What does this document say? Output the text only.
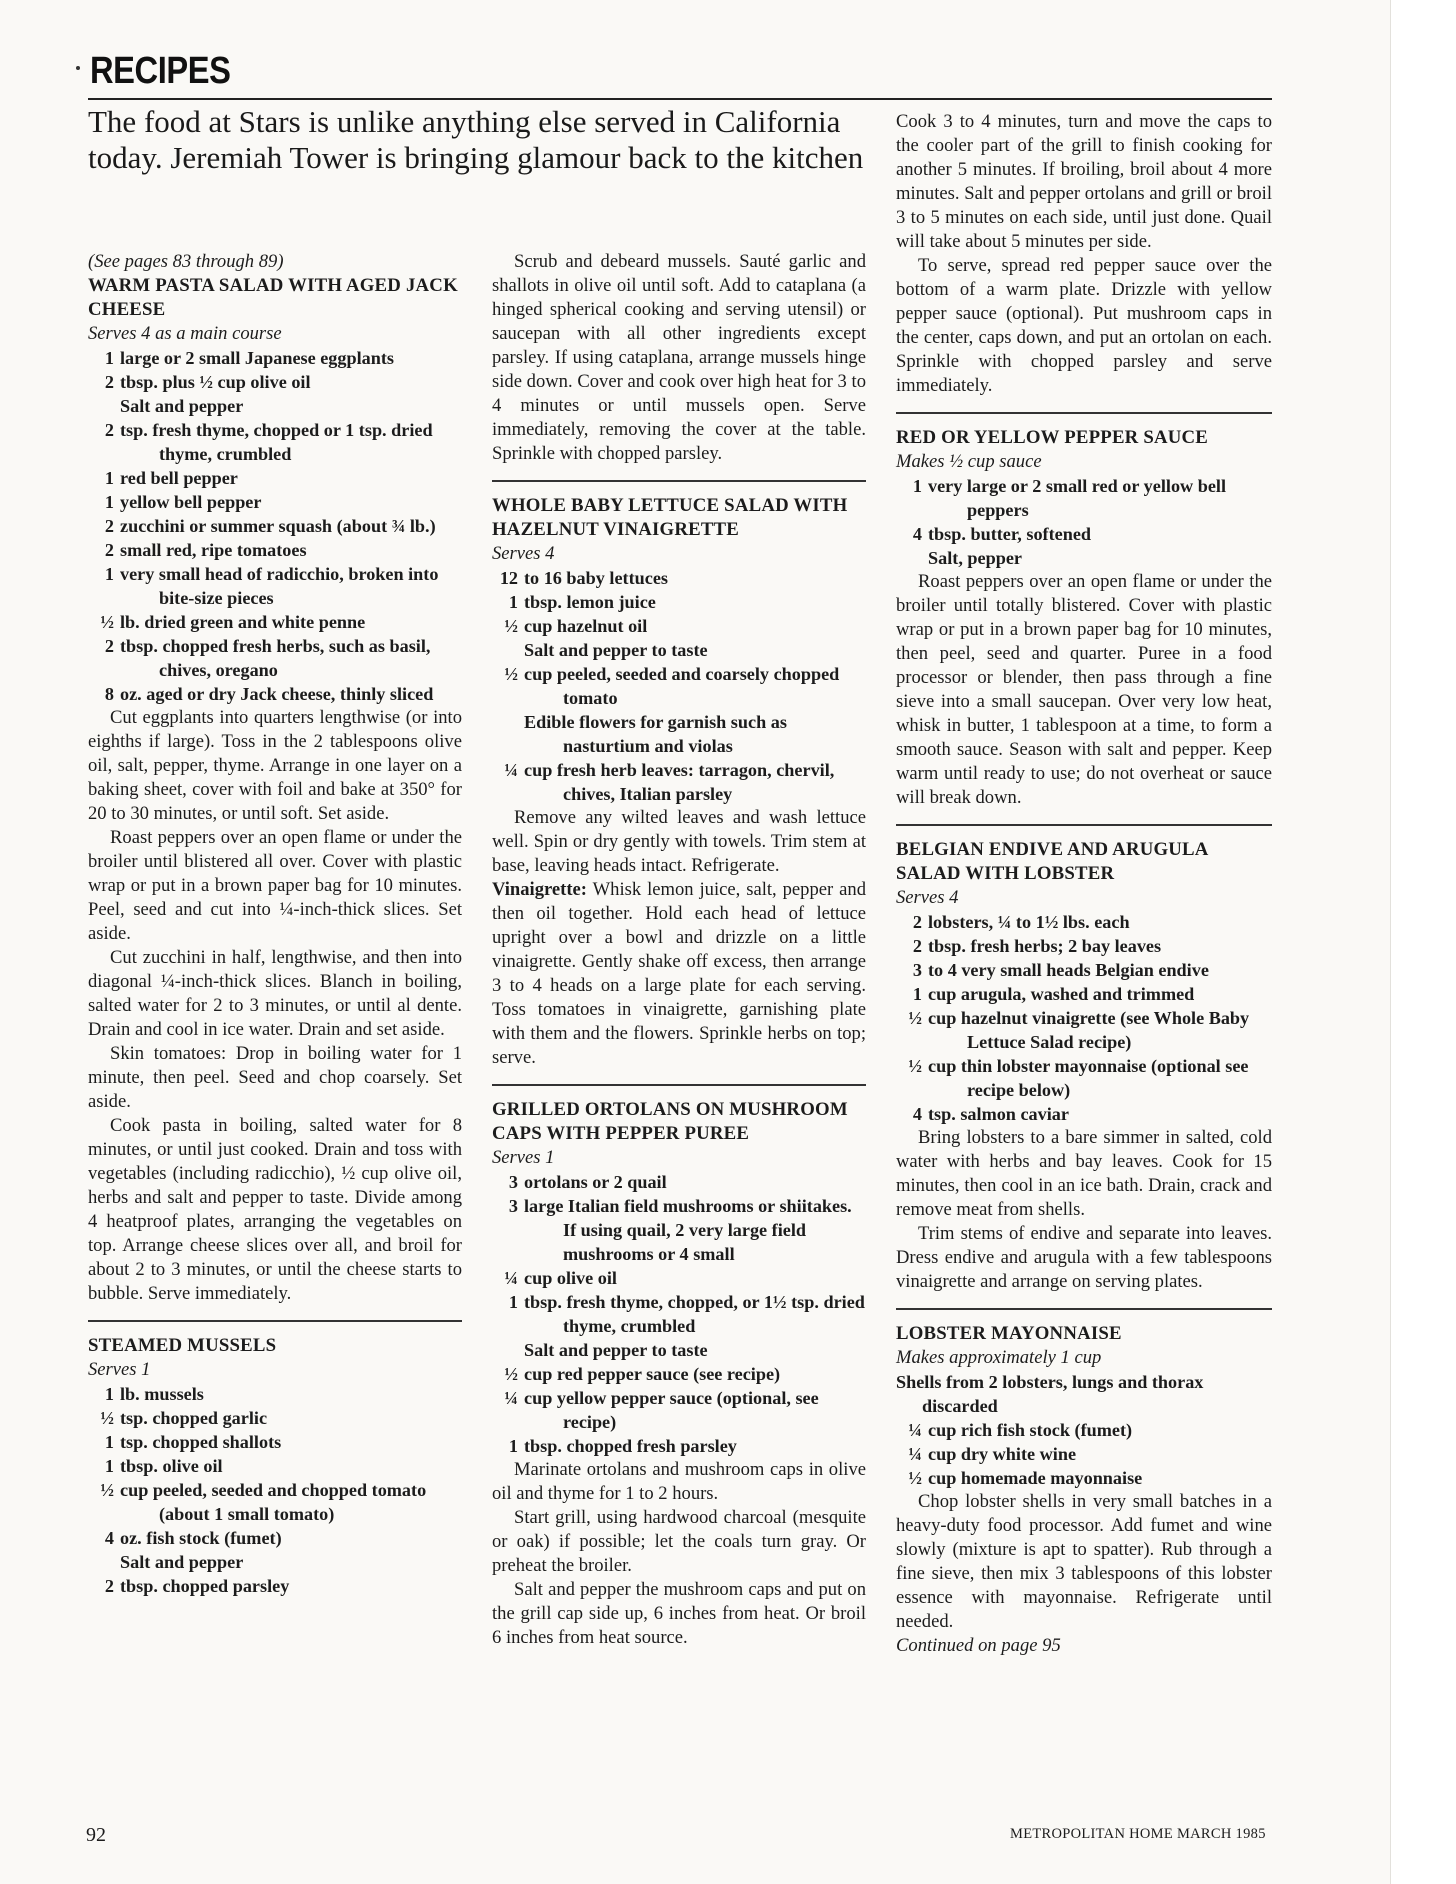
RECIPES
The food at Stars is unlike anything else served in California today. Jeremiah Tower is bringing glamour back to the kitchen
(See pages 83 through 89)
WARM PASTA SALAD WITH AGED JACK CHEESE
Serves 4 as a main course
1 large or 2 small Japanese eggplants
2 tbsp. plus ½ cup olive oil
Salt and pepper
2 tsp. fresh thyme, chopped or 1 tsp. dried thyme, crumbled
1 red bell pepper
1 yellow bell pepper
2 zucchini or summer squash (about ¾ lb.)
2 small red, ripe tomatoes
1 very small head of radicchio, broken into bite-size pieces
½ lb. dried green and white penne
2 tbsp. chopped fresh herbs, such as basil, chives, oregano
8 oz. aged or dry Jack cheese, thinly sliced

Cut eggplants into quarters lengthwise (or into eighths if large). Toss in the 2 tablespoons olive oil, salt, pepper, thyme. Arrange in one layer on a baking sheet, cover with foil and bake at 350° for 20 to 30 minutes, or until soft. Set aside.

Roast peppers over an open flame or under the broiler until blistered all over. Cover with plastic wrap or put in a brown paper bag for 10 minutes. Peel, seed and cut into ¼-inch-thick slices. Set aside.

Cut zucchini in half, lengthwise, and then into diagonal ¼-inch-thick slices. Blanch in boiling, salted water for 2 to 3 minutes, or until al dente. Drain and cool in ice water. Drain and set aside.

Skin tomatoes: Drop in boiling water for 1 minute, then peel. Seed and chop coarsely. Set aside.

Cook pasta in boiling, salted water for 8 minutes, or until just cooked. Drain and toss with vegetables (including radicchio), ½ cup olive oil, herbs and salt and pepper to taste. Divide among 4 heatproof plates, arranging the vegetables on top. Arrange cheese slices over all, and broil for about 2 to 3 minutes, or until the cheese starts to bubble. Serve immediately.

STEAMED MUSSELS
Serves 1
1 lb. mussels
½ tsp. chopped garlic
1 tsp. chopped shallots
1 tbsp. olive oil
½ cup peeled, seeded and chopped tomato (about 1 small tomato)
4 oz. fish stock (fumet)
Salt and pepper
2 tbsp. chopped parsley

Scrub and debeard mussels. Sauté garlic and shallots in olive oil until soft. Add to cataplana (a hinged spherical cooking and serving utensil) or saucepan with all other ingredients except parsley. If using cataplana, arrange mussels hinge side down. Cover and cook over high heat for 3 to 4 minutes or until mussels open. Serve immediately, removing the cover at the table. Sprinkle with chopped parsley.

WHOLE BABY LETTUCE SALAD WITH HAZELNUT VINAIGRETTE
Serves 4
12 to 16 baby lettuces
1 tbsp. lemon juice
½ cup hazelnut oil
Salt and pepper to taste
½ cup peeled, seeded and coarsely chopped tomato
Edible flowers for garnish such as nasturtium and violas
¼ cup fresh herb leaves: tarragon, chervil, chives, Italian parsley

Remove any wilted leaves and wash lettuce well. Spin or dry gently with towels. Trim stem at base, leaving heads intact. Refrigerate.

Vinaigrette: Whisk lemon juice, salt, pepper and then oil together. Hold each head of lettuce upright over a bowl and drizzle on a little vinaigrette. Gently shake off excess, then arrange 3 to 4 heads on a large plate for each serving. Toss tomatoes in vinaigrette, garnishing plate with them and the flowers. Sprinkle herbs on top; serve.

GRILLED ORTOLANS ON MUSHROOM CAPS WITH PEPPER PUREE
Serves 1
3 ortolans or 2 quail
3 large Italian field mushrooms or shiitakes. If using quail, 2 very large field mushrooms or 4 small
¼ cup olive oil
1 tbsp. fresh thyme, chopped, or 1½ tsp. dried thyme, crumbled
Salt and pepper to taste
½ cup red pepper sauce (see recipe)
¼ cup yellow pepper sauce (optional, see recipe)
1 tbsp. chopped fresh parsley

Marinate ortolans and mushroom caps in olive oil and thyme for 1 to 2 hours.

Start grill, using hardwood charcoal (mesquite or oak) if possible; let the coals turn gray. Or preheat the broiler.

Salt and pepper the mushroom caps and put on the grill cap side up, 6 inches from heat. Or broil 6 inches from heat source.

Cook 3 to 4 minutes, turn and move the caps to the cooler part of the grill to finish cooking for another 5 minutes. If broiling, broil about 4 more minutes. Salt and pepper ortolans and grill or broil 3 to 5 minutes on each side, until just done. Quail will take about 5 minutes per side.

To serve, spread red pepper sauce over the bottom of a warm plate. Drizzle with yellow pepper sauce (optional). Put mushroom caps in the center, caps down, and put an ortolan on each. Sprinkle with chopped parsley and serve immediately.

RED OR YELLOW PEPPER SAUCE
Makes ½ cup sauce
1 very large or 2 small red or yellow bell peppers
4 tbsp. butter, softened
Salt, pepper

Roast peppers over an open flame or under the broiler until totally blistered. Cover with plastic wrap or put in a brown paper bag for 10 minutes, then peel, seed and quarter. Puree in a food processor or blender, then pass through a fine sieve into a small saucepan. Over very low heat, whisk in butter, 1 tablespoon at a time, to form a smooth sauce. Season with salt and pepper. Keep warm until ready to use; do not overheat or sauce will break down.

BELGIAN ENDIVE AND ARUGULA SALAD WITH LOBSTER
Serves 4
2 lobsters, ¼ to 1½ lbs. each
2 tbsp. fresh herbs; 2 bay leaves
3 to 4 very small heads Belgian endive
1 cup arugula, washed and trimmed
½ cup hazelnut vinaigrette (see Whole Baby Lettuce Salad recipe)
½ cup thin lobster mayonnaise (optional see recipe below)
4 tsp. salmon caviar

Bring lobsters to a bare simmer in salted, cold water with herbs and bay leaves. Cook for 15 minutes, then cool in an ice bath. Drain, crack and remove meat from shells.

Trim stems of endive and separate into leaves. Dress endive and arugula with a few tablespoons vinaigrette and arrange on serving plates.

LOBSTER MAYONNAISE
Makes approximately 1 cup
Shells from 2 lobsters, lungs and thorax discarded
¼ cup rich fish stock (fumet)
¼ cup dry white wine
½ cup homemade mayonnaise

Chop lobster shells in very small batches in a heavy-duty food processor. Add fumet and wine slowly (mixture is apt to spatter). Rub through a fine sieve, then mix 3 tablespoons of this lobster essence with mayonnaise. Refrigerate until needed.

Continued on page 95
92	METROPOLITAN HOME MARCH 1985
